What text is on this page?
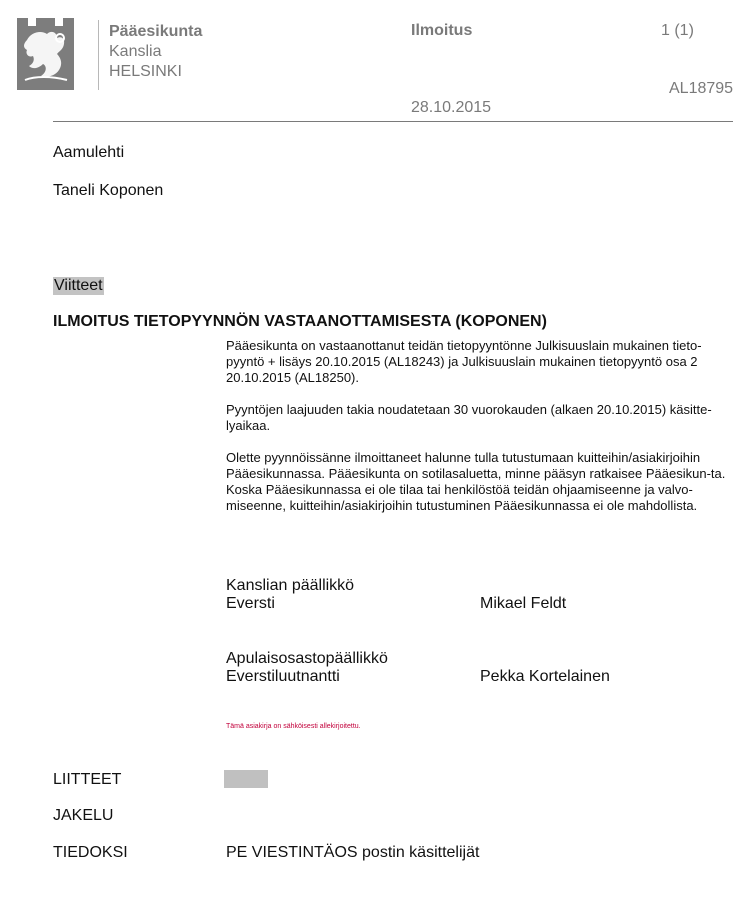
Pääesikunta
Kanslia
HELSINKI
Ilmoitus	1 (1)
AL18795
28.10.2015
Aamulehti
Taneli Koponen
Viitteet
ILMOITUS TIETOPYYNNÖN VASTAANOTTAMISESTA (KOPONEN)

Pääesikunta on vastaanottanut teidän tietopyyntönne Julkisuuslain mukainen tieto-pyyntö + lisäys 20.10.2015 (AL18243) ja Julkisuuslain mukainen tietopyyntö osa 2 20.10.2015 (AL18250).

Pyyntöjen laajuuden takia noudatetaan 30 vuorokauden (alkaen 20.10.2015) käsitte-lyaikaa.

Olette pyynnöissänne ilmoittaneet halunne tulla tutustumaan kuitteihin/asiakirjoihin Pääesikunnassa. Pääesikunta on sotilasaluetta, minne pääsyn ratkaisee Pääesikun-ta. Koska Pääesikunnassa ei ole tilaa tai henkilöstöä teidän ohjaamiseenne ja valvo-miseenne, kuitteihin/asiakirjoihin tutustuminen Pääesikunnassa ei ole mahdollista.

Kanslian päällikkö
Eversti	Mikael Feldt
Apulaisosastopäällikkö
Everstiluutnantti	Pekka Kortelainen
Tämä asiakirja on sähköisesti allekirjoitettu.
LIITTEET
JAKELU
TIEDOKSI	PE VIESTINTÄOS postin käsittelijät
